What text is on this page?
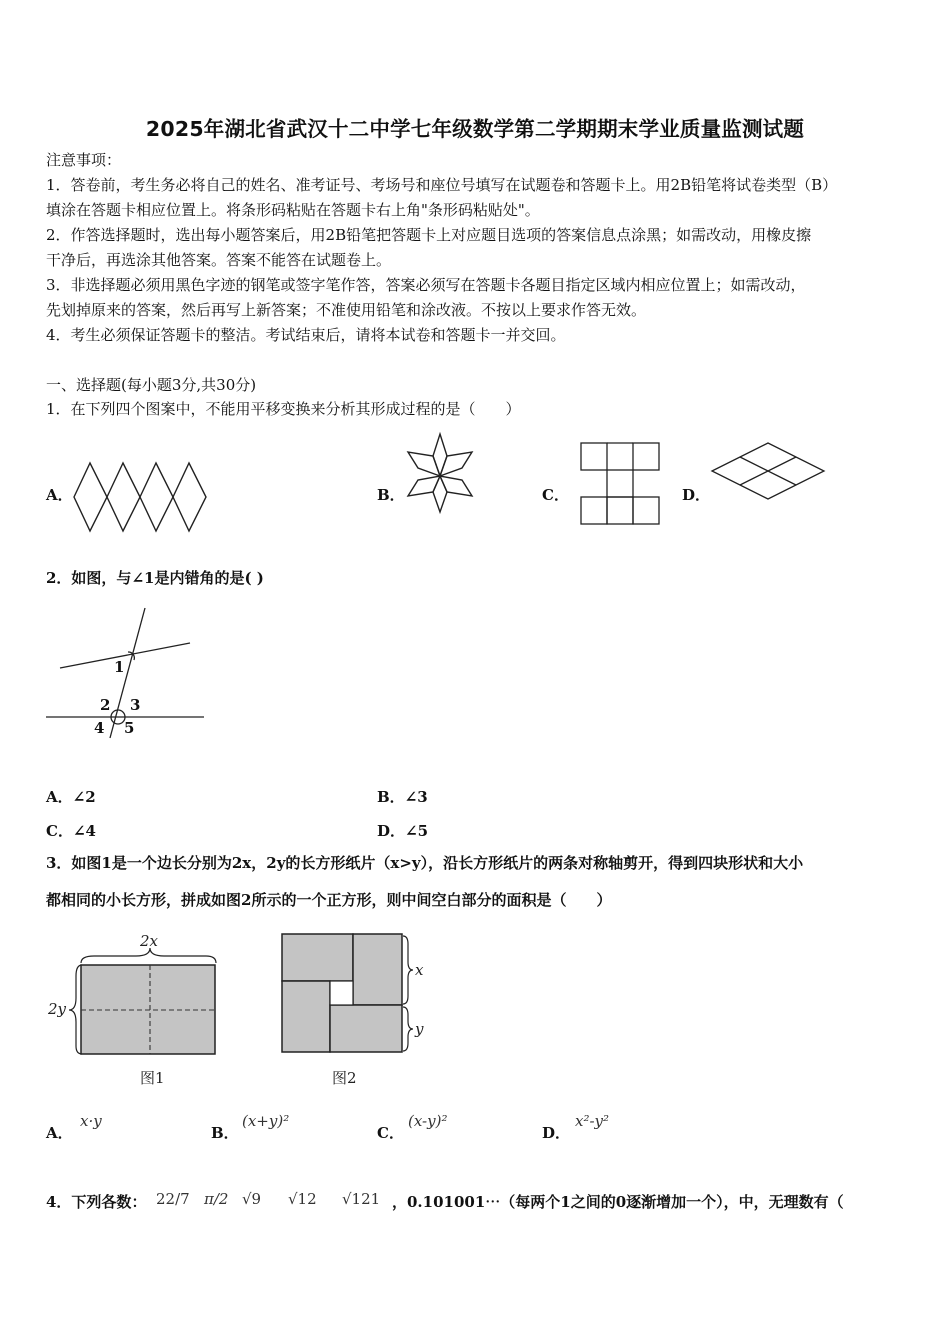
2025年湖北省武汉十二中学七年级数学第二学期期末学业质量监测试题
注意事项：
1．答卷前，考生务必将自己的姓名、准考证号、考场号和座位号填写在试题卷和答题卡上。用2B铅笔将试卷类型（B）
填涂在答题卡相应位置上。将条形码粘贴在答题卡右上角"条形码粘贴处"。
2．作答选择题时，选出每小题答案后，用2B铅笔把答题卡上对应题目选项的答案信息点涂黑；如需改动，用橡皮擦
干净后，再选涂其他答案。答案不能答在试题卷上。
3．非选择题必须用黑色字迹的钢笔或签字笔作答，答案必须写在答题卡各题目指定区域内相应位置上；如需改动，
先划掉原来的答案，然后再写上新答案；不准使用铅笔和涂改液。不按以上要求作答无效。
4．考生必须保证答题卡的整洁。考试结束后，请将本试卷和答题卡一并交回。
一、选择题(每小题3分,共30分)
1．在下列四个图案中，不能用平移变换来分析其形成过程的是（　　）
A．	B．	C．	D．
2．如图，与∠1是内错角的是( )
1
2 3
4 5
A．∠2	B．∠3
C．∠4	D．∠5
3．如图1是一个边长分别为2x，2y的长方形纸片（x>y），沿长方形纸片的两条对称轴剪开，得到四块形状和大小
都相同的小长方形，拼成如图2所示的一个正方形，则中间空白部分的面积是（　　）
2x
2y
图1
x
y
图2
A．
x·y
B．
(x+y)²
C．
(x-y)²
D．
x²-y²
4．下列各数： 22/7 π/2 √9 √12 √121 ，0.101001⋯（每两个1之间的0逐渐增加一个），中，无理数有（
